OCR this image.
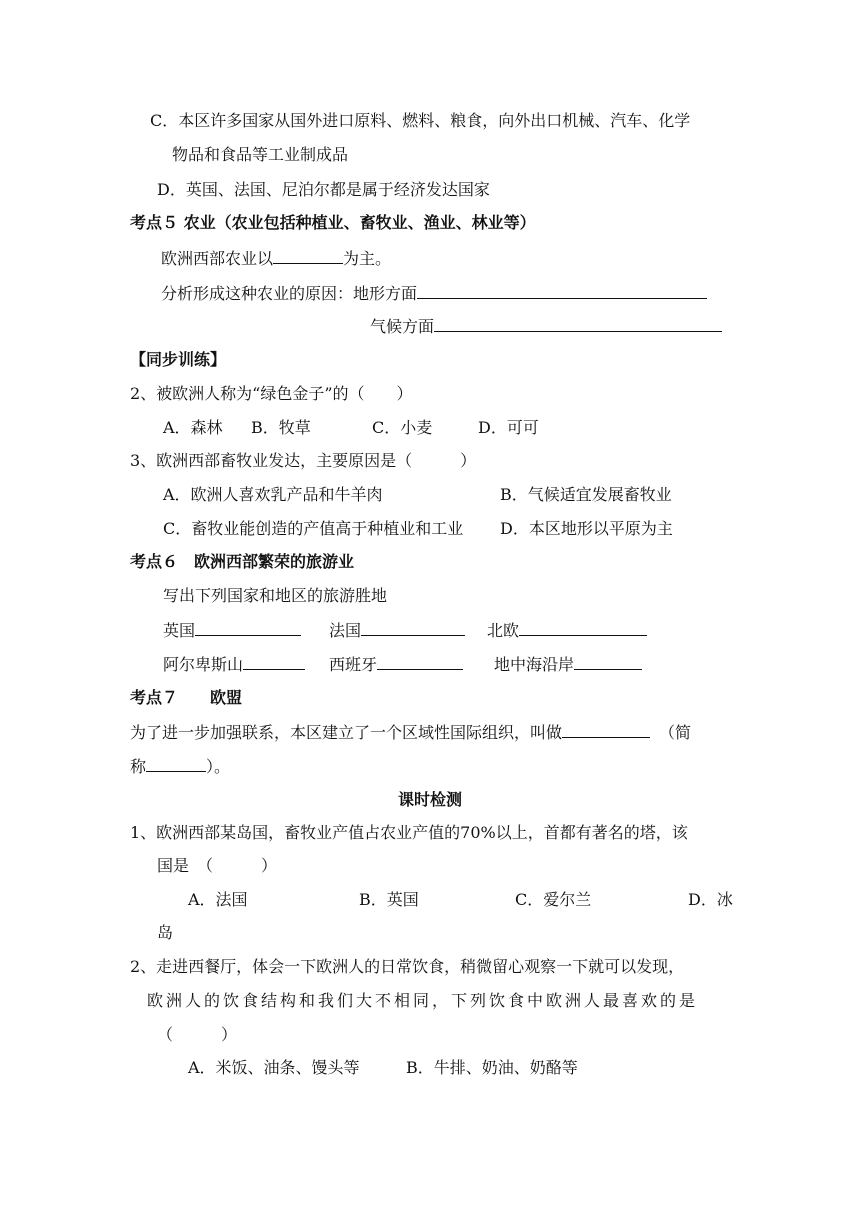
C．本区许多国家从国外进口原料、燃料、粮食，向外出口机械、汽车、化学
物品和食品等工业制成品
D．英国、法国、尼泊尔都是属于经济发达国家
考点５ 农业（农业包括种植业、畜牧业、渔业、林业等）
欧洲西部农业以	为主。
分析形成这种农业的原因：地形方面
气候方面
【同步训练】
2、被欧洲人称为“绿色金子”的（　　）
A．森林 B．牧草	C．小麦	D．可可
3、欧洲西部畜牧业发达，主要原因是（　　　）
A．欧洲人喜欢乳产品和牛羊肉	B．气候适宜发展畜牧业
C．畜牧业能创造的产值高于种植业和工业 D．本区地形以平原为主
考点６　欧洲西部繁荣的旅游业
写出下列国家和地区的旅游胜地
英国	法国	北欧
阿尔卑斯山	西班牙	地中海沿岸
考点７　　欧盟
为了进一步加强联系，本区建立了一个区域性国际组织，叫做	（简
称	）。
课时检测
1、欧洲西部某岛国，畜牧业产值占农业产值的70%以上，首都有著名的塔，该
国是　（　　　）
A．法国	B．英国	C．爱尔兰	D．冰
岛
2、走进西餐厅，体会一下欧洲人的日常饮食，稍微留心观察一下就可以发现，
欧洲人的饮食结构和我们大不相同，下列饮食中欧洲人最喜欢的是
（　　　）
A．米饭、油条、馒头等	B．牛排、奶油、奶酪等
